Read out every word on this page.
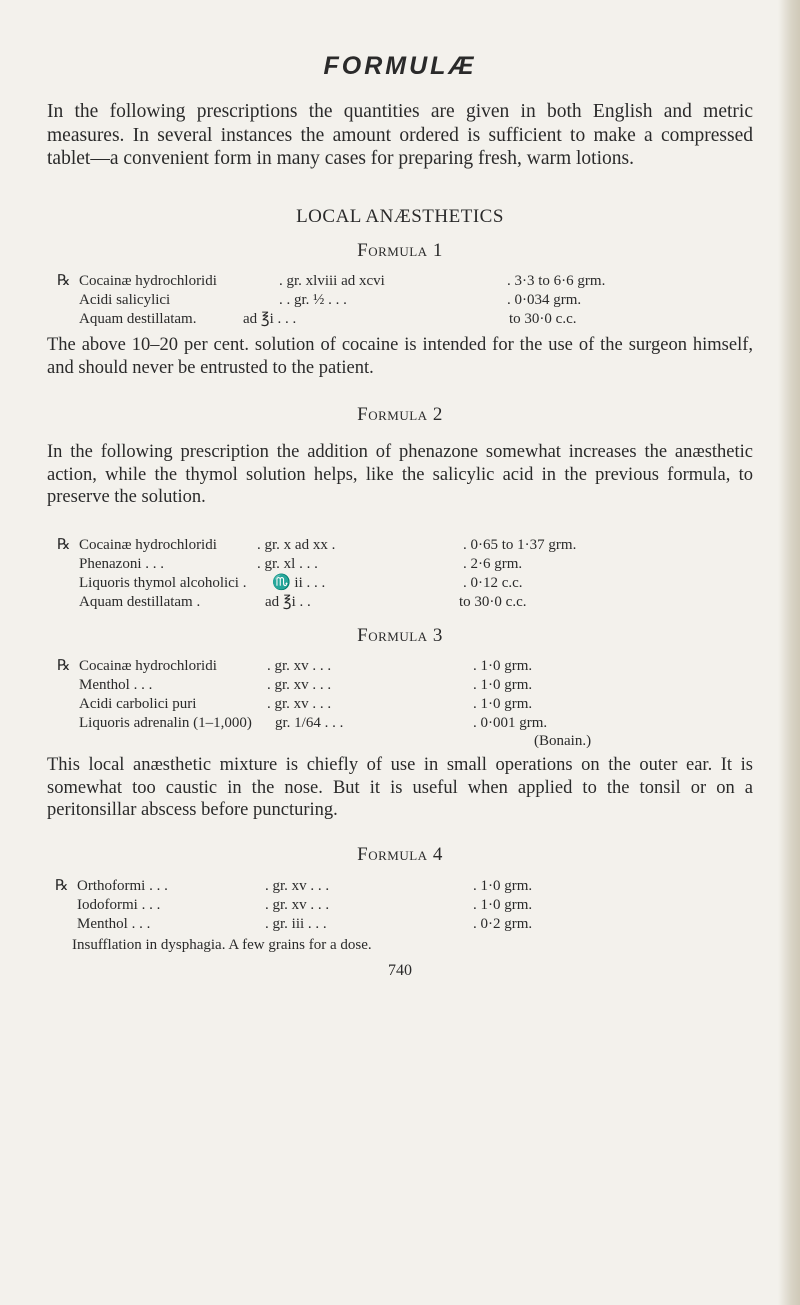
FORMULÆ
In the following prescriptions the quantities are given in both English and metric measures. In several instances the amount ordered is sufficient to make a compressed tablet—a convenient form in many cases for preparing fresh, warm lotions.
LOCAL ANÆSTHETICS
Formula 1
℞ Cocainæ hydrochloridi	. gr. xlviii ad xcvi	. 3·3 to 6·6 grm.
Acidi salicylici	. . gr. ½ . . .	. 0·034 grm.
Aquam destillatam.	ad ℥i . . .	to 30·0 c.c.
The above 10–20 per cent. solution of cocaine is intended for the use of the surgeon himself, and should never be entrusted to the patient.
Formula 2
In the following prescription the addition of phenazone somewhat increases the anæsthetic action, while the thymol solution helps, like the salicylic acid in the previous formula, to preserve the solution.
℞ Cocainæ hydrochloridi	. gr. x ad xx .	. 0·65 to 1·37 grm.
Phenazoni . . .	. gr. xl . . .	. 2·6 grm.
Liquoris thymol alcoholici . ♏ ii . . .	. 0·12 c.c.
Aquam destillatam .	ad ℥i . .	to 30·0 c.c.
Formula 3
℞ Cocainæ hydrochloridi	. gr. xv . . .	. 1·0 grm.
Menthol . . .	. gr. xv . . .	. 1·0 grm.
Acidi carbolici puri	. gr. xv . . .	. 1·0 grm.
Liquoris adrenalin (1–1,000) gr. 1/64 . . .	. 0·001 grm.
(Bonain.)
This local anæsthetic mixture is chiefly of use in small operations on the outer ear. It is somewhat too caustic in the nose. But it is useful when applied to the tonsil or on a peritonsillar abscess before puncturing.
Formula 4
℞ Orthoformi . . .	. gr. xv . . .	. 1·0 grm.
Iodoformi . . .	. gr. xv . . .	. 1·0 grm.
Menthol . . .	. gr. iii . . .	. 0·2 grm.
Insufflation in dysphagia. A few grains for a dose.
740
